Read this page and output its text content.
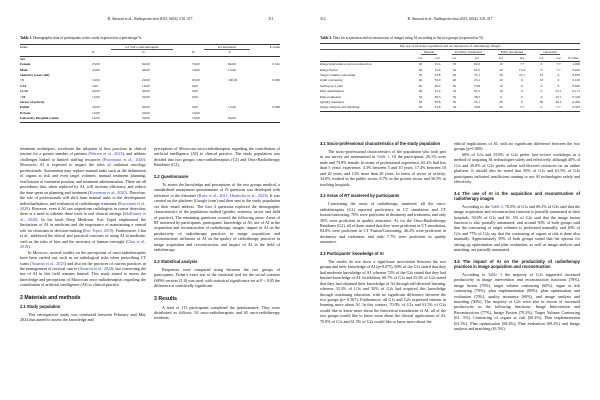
B. Amaoui et al.: Radioprotection 2025, 60(4), 310–317	311
Table 1. Demographic data of participants to this study expressed as a percentage %.
Items	G1 Onco-radiotherapists		G2 Residents		P-value
	N	%	N	%	
Sex					
Female	25,00	60,00	55,00	84,60	0.341
Male	25,00	40,00	10,00	15,40	
Seniority (years old)					
<5	10,00	20,00	65,00	100,00	0.000
5-10	5,00	10,00	0,00		
11-20	20,00	40,00	0,00		
>20	15,00	30,00	0,00		
Sector of activity					
Public	30,00	60,00	0,00	15,40	0.006
Private	10,00	20,00	10,00		
University Hospital Center	10,00	20,00	55,00	64,60	

treatment techniques, accelerate the adoption of best practices in clinical routine for a greater number of patients (Warren et al., 2023), and address challenges linked to limited staffing resources (Poortmans et al., 2020). Moreover, AI is expected to impact the roles of radiation oncology professionals. Automation may replace manual tasks such as the delineation of organs at risk and even target volumes, manual treatment planning, verification of treatment position, and treatment administration. These are all procedures that, when replaced by AI, will increase efficiency and reduce the time spent on planning and treatment (Korreman et al., 2020). Therefore, the role of professionals will shift from manual tasks to the development, individualisation, and evaluation of radiotherapy treatment (Korreman et al., 2020). However, even if AI can outperform radiologists in cancer detection, there is a need to validate these tools in real clinical settings (McKinney et al., 2020). In his book Deep Medicine, Eric Topol emphasised the limitations of AI in medicine and the importance of maintaining a central role for clinicians in decision-making (Eric Topol, 2019). Furthermore, Char et al., addressed the ethical and practical concerns of using AI in medicine, such as the risks of bias and the necessity of human oversight (Char et al., 2018).

In Morocco, several studies on the perceptions of onco-radiotherapists have been carried out, such as on radiological risks when prescribing CT scans (Amaoui et al., 2023) and also on the practices of current practices in the management of cervical cancer (Amaoui et al., 2024), but concerning the use of AI in this field remains limited. This study aimed to assess the knowledge and perceptions of Moroccan onco-radiotherapists regarding the contribution of artificial intelligence (AI) to clinical practice.

2 Materials and methods
2.1 Study population

This retrospective study was conducted between February and May 2024 that aimed to assess the knowledge and

perceptions of Moroccan onco-radiotherapists regarding the contribution of artificial intelligence (AI) to clinical practice. The study population was divided into two groups: onco-radiotherapists (G1) and Onco-Radiotherapy Residents (G2).

2.2 Questionnaire

To assess the knowledge and perceptions of the two groups medical, a standardised anonymous questionnaire of 19 questions was developed with reference to the literature (Ryan et al., 2021; Hindocha et al., 2023). It was created on the platform (Google form) and then sent to the study population via their email address. The first 4 questions explored the demographic characteristics of the population studied (gender, seniority, sector and field of practice). The remaining questions covered the following areas: Areas of RT mastered by participants, participants' knowledge of AI, use of AI in the acquisition and reconstruction of radiotherapy images, impact of AI on the productivity of radiotherapy practices in image acquisition and reconstruction, influence of AI on the quality of radiotherapy practices in image acquisition and reconstruction, and impact of AI in the field of radiotherapy.

2.3 Statistical analysis

Responses were compared using between the two groups of participants. Fisher's exact test of the statistical tool for the social sciences (SPSS version 21.0) was used, with statistical significance set at P < 0.05 the difference is statistically significant.

3 Results

A total of 115 participants completed the questionnaire. They were distributed as follows: 50 onco-radiotherapists and 65 onco-radiotherapy residents.

312	B. Amaoui et al.: Radioprotection 2025, 60(4), 310–317
Table 2. Data for acquisition and reconstruction of images using AI according to the two groups (expressed in %)
The use of AI in the acquisition and reconstruction of radiotherapy images									
	Manual		Partially automated		Fully automated		Uncertain		
	G1	G2	G1	G2	G1	G2	G1	G2	P-value
Image intervention and reconstruction	20	15.4	70	69.2	10	7.7	0	7.7	1.000
Image fusion	30	15.4	50	61.5	20	15.4	0	7.7	0.910
Target volume contouring	50	53.8	20	23.1	20	23.1	10	0	0.919
OAR contouring	40	76.9	40	23.1	10	0	10	0	0.163
Setting up a plan	40	46.2	50	53.8	10	0	0	0	0.656
Plan optimisation	40	15.4	50	61.5	10	0	0	23.1	0.171
Plan evaluation	50	38.5	50	38.5	0	0	0	23.1	0.316
Quality assurance	20	30.8	30	23.1	20	0	30	46.2	0.456
Image analysis and matching	30	53.8	50	30.8	20	7.7	0	7.7	0.505
3.1 Socio-professional characteristics of the study population

The socio-professional characteristics of the population who took part in our survey are summarised in Table 1. Of the participants, 26.1% were male and 73.9% female. In terms of professional experience, 65.2% had less than 5 years' experience, 4.3% between 5 and 10 years, 17.4% between 10 and 20 years, and 13% more than 20 years. In terms of sector of activity, 34.8% worked in the public sector, 8.7% in the private sector and 56.5% in teaching hospitals.

3.2 Areas of RT mastered by participants

Concerning the areas of radiotherapy mastered, all the onco-radiotherapists (G1) reported proficiency in CT simulation and CT fusion/contouring, 70% were proficient in dosimetry and treatment, and only 30% were proficient in quality assurance. As for the Onco-Radiotherapy Residents (G2), all of them stated that they were proficient in CT simulation, 84.6% were proficient in CT Fusion/Contouring, 46.2% were proficient in dosimetry and treatment, and only 7.7% were proficient in quality assurance.

3.2 Participants' knowledge of AI

The results do not show a significant association between the two groups and their knowledge of AI (p=0.075). 60% of the G1s stated that they had moderate knowledge of AI, whereas 72% of the G2s stated that they had limited knowledge of AI. In addition, 66.7% of G1s and 33.3% of G2s stated that they had obtained their knowledge of AI through self-directed learning, whereas 33.3% of G1s and 50% of G2s had acquired this knowledge through continuing education, with no significant difference between the two groups (p= 0.567). Furthermore, all G1s and G2s expressed interest in learning more about AI. In this context, 70.0% of G1s and 61.5% of G2s would like to know more about the theoretical foundations of AI, all of the two groups would like to know more about the clinical applications of AI, 70.0% of G1s and 61.5% of G2s would like to know more about the

ethical implications of AI, with no significant difference between the two groups (p=1.000).

60% of G1s and 53.8% of G2s prefer face-to-face workshops as a method of acquiring AI technologies safely and effectively, although 40% of G1s and 30.8% of G2s prefer online self-directed resources on an online platform. It should also be noted that 50% of G1s and 61.5% of G2s participants indicated insufficient training to use AI technologies safely and effectively.

3.4 The use of AI in the acquisition and reconstruction of radiotherapy images

According to the Table 2, 70.0% of G1s and 69.2% of G2s said that the image acquisition and reconstruction function is partially automated at their hospitals, 50.0% of G1s and 61. 5% of G2s said that the image fusion function is also partially automated, and around 50% of both groups said that the contouring of target volumes is performed manually, and 40% of G1s and 77% of G2s say that the contouring of organs at risk is done also manually. Approximately 50% of both groups stated that the options for setting up optimisation and plan evaluation, as well as image analysis and matching, are partially automated.

3.5 The impact of AI on the productivity of radiotherapy practices in image acquisition and reconstruction

According to Table 3 the majority of G1s supported increased productivity in image intervention and reconstruction functions (70%), image fusion (70%), target volume contouring (60%), organ at risk contouring (70%), plan implementation (80%), plan optimisation and evaluation (70%), quality assurance (60%), and image analysis and matching (90%). The majority of G2s were also in favour of increased productivity in the following functions: Image Intervention and Reconstruction (77%), Image Fusion (79.2%), Target Volume Contouring (61. 5%), Contouring of organs at risk (69.2%), Plan implementation (61.5%), Plan optimisation (84.4%), Plan evaluation (69.2%) and Image analysis and matching (61.5%).
